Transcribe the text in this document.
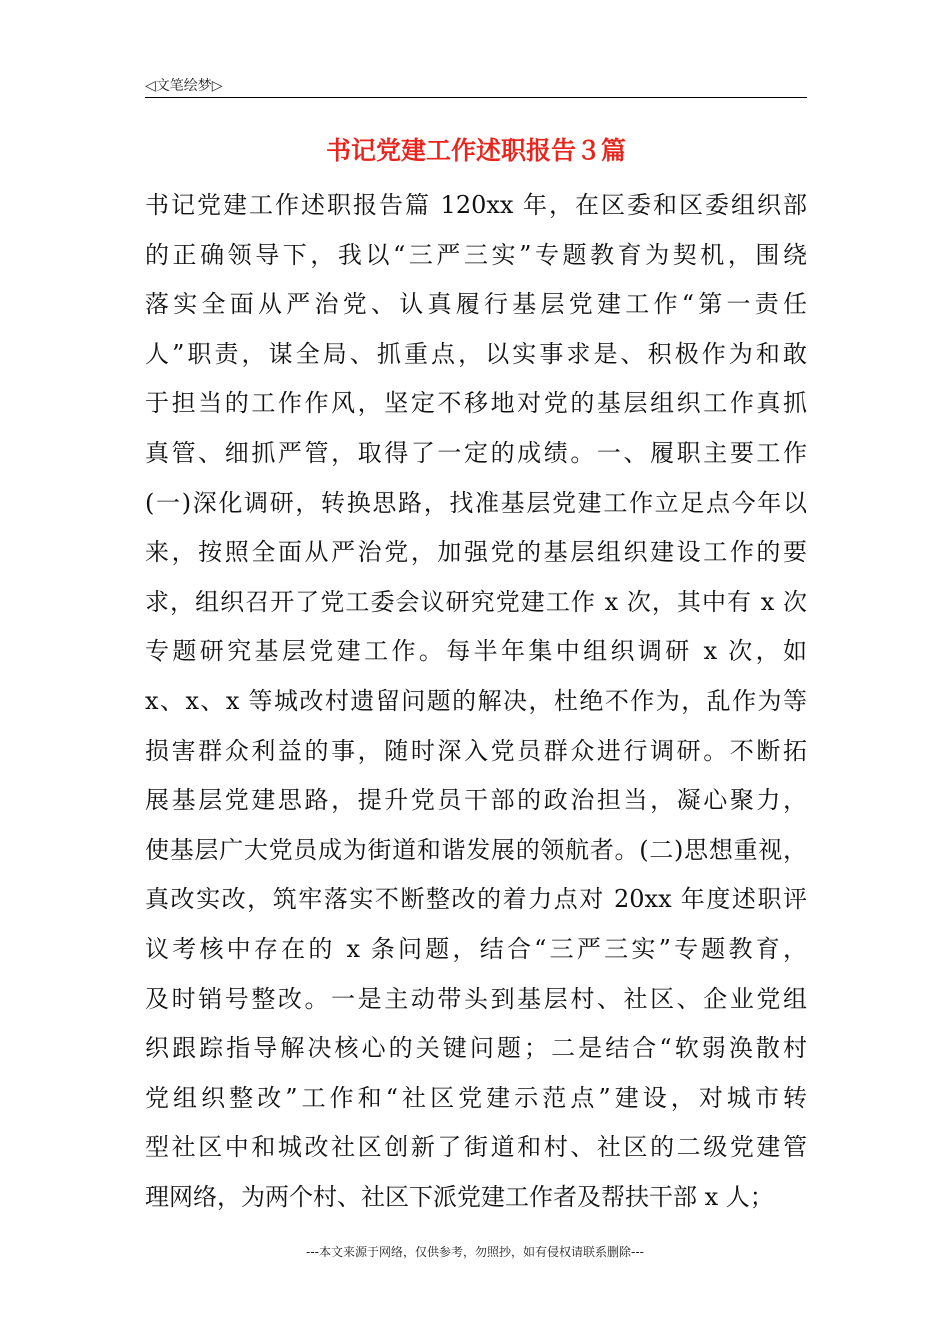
◁文笔绘梦▷
书记党建工作述职报告３篇
书记党建工作述职报告篇 120xx 年，在区委和区委组织部
的正确领导下，我以“三严三实”专题教育为契机，围绕
落实全面从严治党、认真履行基层党建工作“第一责任
人”职责，谋全局、抓重点，以实事求是、积极作为和敢
于担当的工作作风，坚定不移地对党的基层组织工作真抓
真管、细抓严管，取得了一定的成绩。一、履职主要工作
(一)深化调研，转换思路，找准基层党建工作立足点今年以
来，按照全面从严治党，加强党的基层组织建设工作的要
求，组织召开了党工委会议研究党建工作 x 次，其中有 x 次
专题研究基层党建工作。每半年集中组织调研 x 次，如
x、x、x 等城改村遗留问题的解决，杜绝不作为，乱作为等
损害群众利益的事，随时深入党员群众进行调研。不断拓
展基层党建思路，提升党员干部的政治担当，凝心聚力，
使基层广大党员成为街道和谐发展的领航者。(二)思想重视，
真改实改，筑牢落实不断整改的着力点对 20xx 年度述职评
议考核中存在的 x 条问题，结合“三严三实”专题教育，
及时销号整改。一是主动带头到基层村、社区、企业党组
织跟踪指导解决核心的关键问题；二是结合“软弱涣散村
党组织整改”工作和“社区党建示范点”建设，对城市转
型社区中和城改社区创新了街道和村、社区的二级党建管
理网络，为两个村、社区下派党建工作者及帮扶干部 x 人；
---本文来源于网络，仅供参考，勿照抄，如有侵权请联系删除---
